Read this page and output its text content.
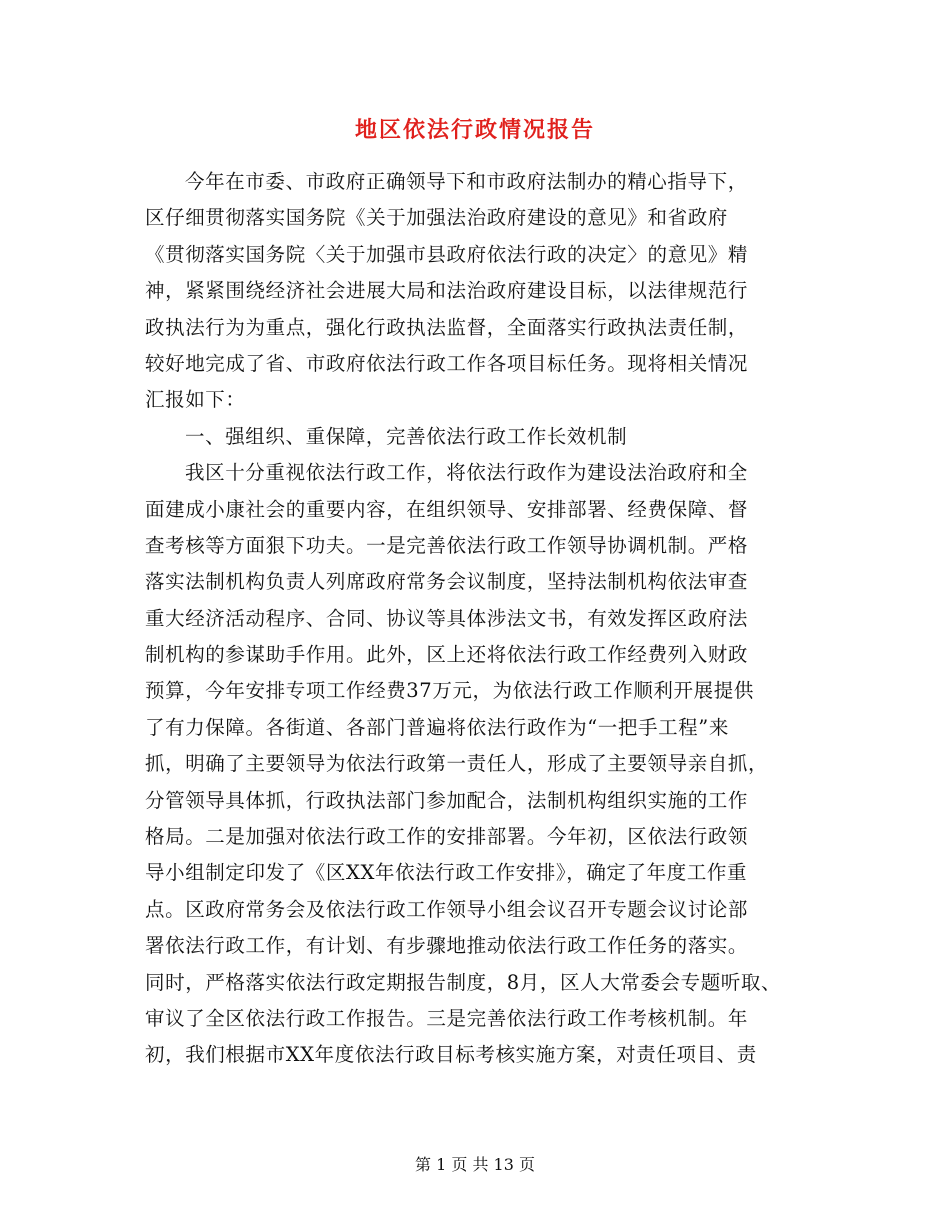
地区依法行政情况报告
今年在市委、市政府正确领导下和市政府法制办的精心指导下，
区仔细贯彻落实国务院《关于加强法治政府建设的意见》和省政府
《贯彻落实国务院〈关于加强市县政府依法行政的决定〉的意见》精
神，紧紧围绕经济社会进展大局和法治政府建设目标，以法律规范行
政执法行为为重点，强化行政执法监督，全面落实行政执法责任制，
较好地完成了省、市政府依法行政工作各项目标任务。现将相关情况
汇报如下：
一、强组织、重保障，完善依法行政工作长效机制
我区十分重视依法行政工作，将依法行政作为建设法治政府和全
面建成小康社会的重要内容，在组织领导、安排部署、经费保障、督
查考核等方面狠下功夫。一是完善依法行政工作领导协调机制。严格
落实法制机构负责人列席政府常务会议制度，坚持法制机构依法审查
重大经济活动程序、合同、协议等具体涉法文书，有效发挥区政府法
制机构的参谋助手作用。此外，区上还将依法行政工作经费列入财政
预算，今年安排专项工作经费37万元，为依法行政工作顺利开展提供
了有力保障。各街道、各部门普遍将依法行政作为“一把手工程”来
抓，明确了主要领导为依法行政第一责任人，形成了主要领导亲自抓，
分管领导具体抓，行政执法部门参加配合，法制机构组织实施的工作
格局。二是加强对依法行政工作的安排部署。今年初，区依法行政领
导小组制定印发了《区XX年依法行政工作安排》，确定了年度工作重
点。区政府常务会及依法行政工作领导小组会议召开专题会议讨论部
署依法行政工作，有计划、有步骤地推动依法行政工作任务的落实。
同时，严格落实依法行政定期报告制度，8月，区人大常委会专题听取、
审议了全区依法行政工作报告。三是完善依法行政工作考核机制。年
初，我们根据市XX年度依法行政目标考核实施方案，对责任项目、责
第 1 页 共 13 页
